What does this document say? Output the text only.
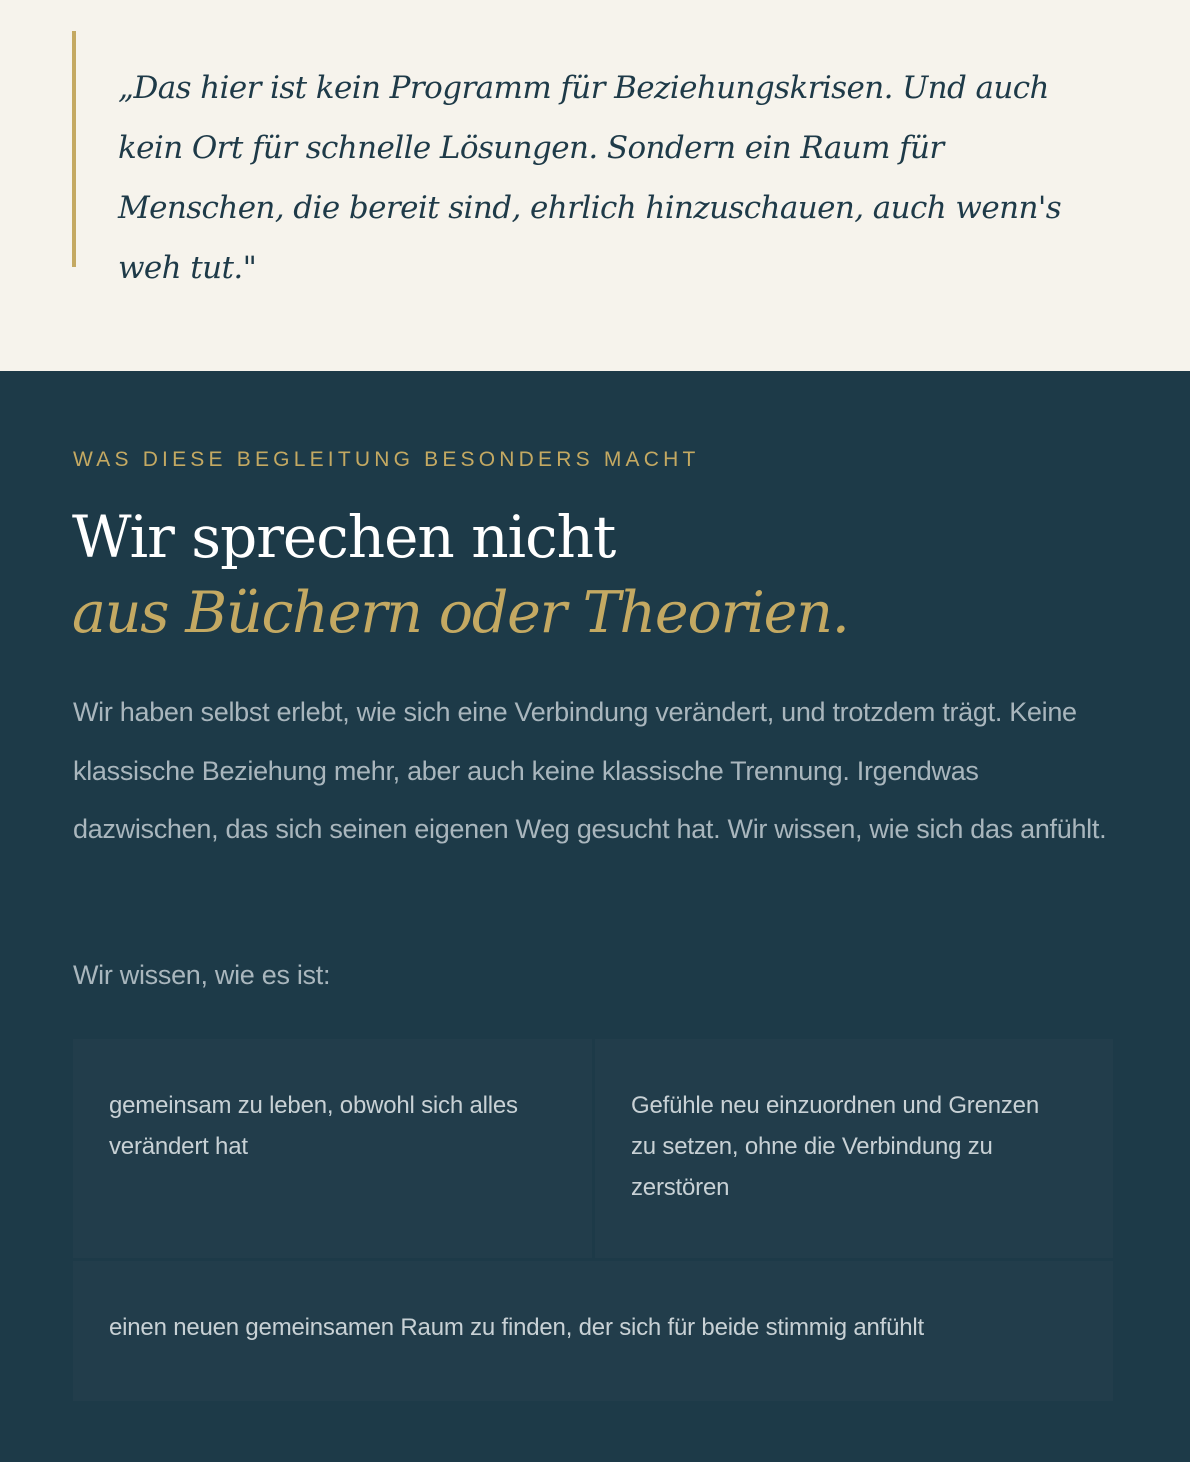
„Das hier ist kein Programm für Beziehungskrisen. Und auch kein Ort für schnelle Lösungen. Sondern ein Raum für Menschen, die bereit sind, ehrlich hinzuschauen, auch wenn's weh tut."

WAS DIESE BEGLEITUNG BESONDERS MACHT

Wir sprechen nicht
aus Büchern oder Theorien.

Wir haben selbst erlebt, wie sich eine Verbindung verändert, und trotzdem trägt. Keine klassische Beziehung mehr, aber auch keine klassische Trennung. Irgendwas dazwischen, das sich seinen eigenen Weg gesucht hat. Wir wissen, wie sich das anfühlt.

Wir wissen, wie es ist:

gemeinsam zu leben, obwohl sich alles verändert hat
Gefühle neu einzuordnen und Grenzen zu setzen, ohne die Verbindung zu zerstören
einen neuen gemeinsamen Raum zu finden, der sich für beide stimmig anfühlt
